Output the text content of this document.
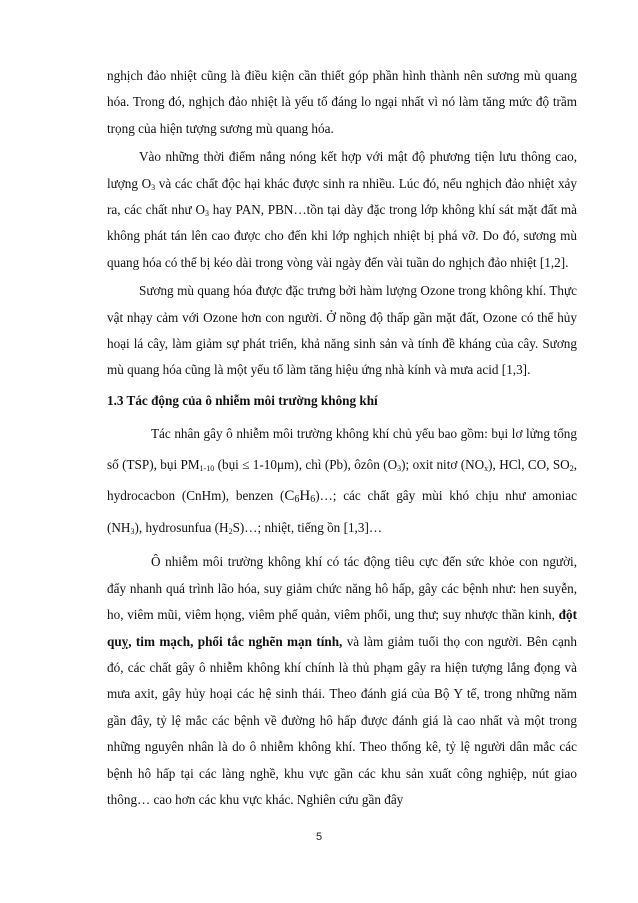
nghịch đảo nhiệt cũng là điều kiện cần thiết góp phần hình thành nên sương mù quang hóa. Trong đó, nghịch đảo nhiệt là yếu tố đáng lo ngại nhất vì nó làm tăng mức độ trầm trọng của hiện tượng sương mù quang hóa.

Vào những thời điểm nắng nóng kết hợp với mật độ phương tiện lưu thông cao, lượng $O_3$ và các chất độc hại khác được sinh ra nhiều. Lúc đó, nếu nghịch đảo nhiệt xảy ra, các chất như $O_3$ hay PAN, PBN…tồn tại dày đặc trong lớp không khí sát mặt đất mà không phát tán lên cao được cho đến khi lớp nghịch nhiệt bị phá vỡ. Do đó, sương mù quang hóa có thể bị kéo dài trong vòng vài ngày đến vài tuần do nghịch đảo nhiệt [1,2].

Sương mù quang hóa được đặc trưng bởi hàm lượng Ozone trong không khí. Thực vật nhạy cảm với Ozone hơn con người. Ở nồng độ thấp gần mặt đất, Ozone có thể hủy hoại lá cây, làm giảm sự phát triển, khả năng sinh sản và tính đề kháng của cây. Sương mù quang hóa cũng là một yếu tố làm tăng hiệu ứng nhà kính và mưa acid [1,3].

1.3 Tác động của ô nhiễm môi trường không khí

Tác nhân gây ô nhiễm môi trường không khí chủ yếu bao gồm: bụi lơ lửng tổng số (TSP), bụi $PM_{1-10}$ (bụi ≤ 1-10μm), chì (Pb), ôzôn $(O_3)$; oxit nitơ $(NO_x)$, HCl, CO, $SO_2$, hydrocacbon (CnHm), benzen $(C_6H_6)\dots$; các chất gây mùi khó chịu như amoniac $(NH_3)$, hydrosunfua $(H_2S)\dots$; nhiệt, tiếng ồn [1,3]…

Ô nhiễm môi trường không khí có tác động tiêu cực đến sức khỏe con người, đẩy nhanh quá trình lão hóa, suy giảm chức năng hô hấp, gây các bệnh như: hen suyễn, ho, viêm mũi, viêm họng, viêm phế quản, viêm phổi, ung thư; suy nhược thần kinh, đột quỵ, tim mạch, phổi tắc nghẽn mạn tính, và làm giảm tuổi thọ con người. Bên cạnh đó, các chất gây ô nhiễm không khí chính là thủ phạm gây ra hiện tượng lắng đọng và mưa axit, gây hủy hoại các hệ sinh thái. Theo đánh giá của Bộ Y tế, trong những năm gần đây, tỷ lệ mắc các bệnh về đường hô hấp được đánh giá là cao nhất và một trong những nguyên nhân là do ô nhiễm không khí. Theo thống kê, tỷ lệ người dân mắc các bệnh hô hấp tại các làng nghề, khu vực gần các khu sản xuất công nghiệp, nút giao thông… cao hơn các khu vực khác. Nghiên cứu gần đây

5
